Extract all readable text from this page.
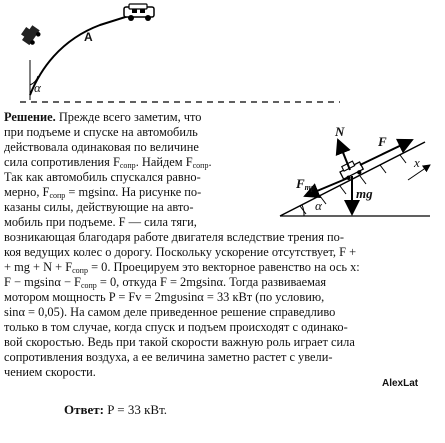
A
α
N
F
$F_{тр}$	mg
x
α
Решение. Прежде всего заметим, что
при подъеме и спуске на автомобиль
действовала одинаковая по величине
сила сопротивления $F_{сопр}$. Найдем $F_{сопр}$.
Так как автомобиль спускался равно-
мерно, $F_{сопр} = mgsin\alpha$. На рисунке по-
казаны силы, действующие на авто-
мобиль при подъеме. F — сила тяги,
возникающая благодаря работе двигателя вследствие трения по-
коя ведущих колес о дорогу. Поскольку ускорение отсутствует, F +
+ mg + $N + F_{сопр} = 0$. Проецируем это векторное равенство на ось x:
$F - mgsin\alpha - F_{сопр} = 0$, откуда F = 2mgsinα. Тогда развиваемая
мотором мощность P = Fv = 2mgυsinα = 33 кВт (по условию,
sinα = 0,05). На самом деле приведенное решение справедливо
только в том случае, когда спуск и подъем происходят с одинако-
вой скоростью. Ведь при такой скорости важную роль играет сила
сопротивления воздуха, а ее величина заметно растет с увели-
чением скорости.
AlexLat
Ответ: P = 33 кВт.
